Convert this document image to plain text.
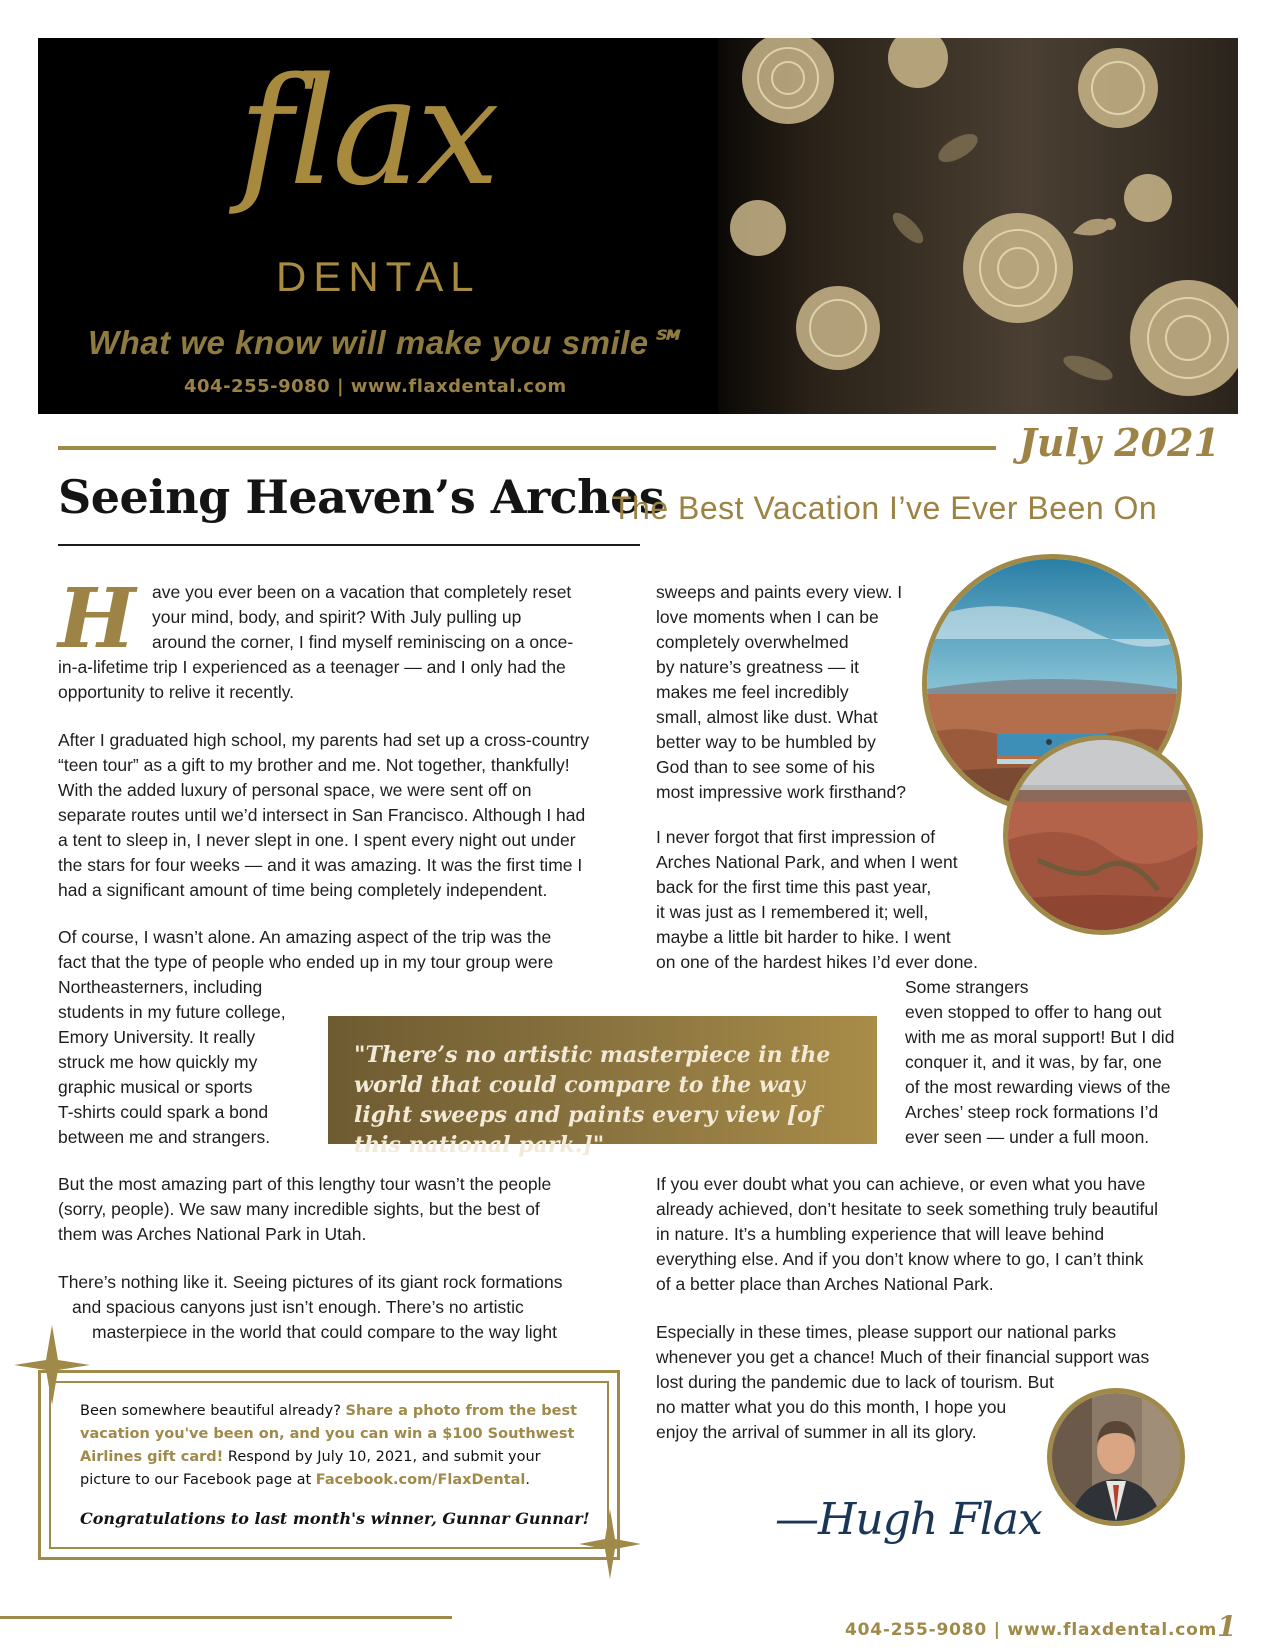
flax
DENTAL
What we know will make you smile℠
404-255-9080 | www.flaxdental.com
July 2021
Seeing Heaven’s Arches
The Best Vacation I’ve Ever Been On
H ave you ever been on a vacation that completely reset
your mind, body, and spirit? With July pulling up
around the corner, I find myself reminiscing on a once-
in-a-lifetime trip I experienced as a teenager — and I only had the
opportunity to relive it recently.
After I graduated high school, my parents had set up a cross-country
“teen tour” as a gift to my brother and me. Not together, thankfully!
With the added luxury of personal space, we were sent off on
separate routes until we’d intersect in San Francisco. Although I had
a tent to sleep in, I never slept in one. I spent every night out under
the stars for four weeks — and it was amazing. It was the first time I
had a significant amount of time being completely independent.
Of course, I wasn’t alone. An amazing aspect of the trip was the
fact that the type of people who ended up in my tour group were
Northeasterners, including
students in my future college,
Emory University. It really
struck me how quickly my
graphic musical or sports
T-shirts could spark a bond
between me and strangers.
But the most amazing part of this lengthy tour wasn’t the people
(sorry, people). We saw many incredible sights, but the best of
them was Arches National Park in Utah.
There’s nothing like it. Seeing pictures of its giant rock formations
and spacious canyons just isn’t enough. There’s no artistic
masterpiece in the world that could compare to the way light
sweeps and paints every view. I
love moments when I can be
completely overwhelmed
by nature’s greatness — it
makes me feel incredibly
small, almost like dust. What
better way to be humbled by
God than to see some of his
most impressive work firsthand?
I never forgot that first impression of
Arches National Park, and when I went
back for the first time this past year,
it was just as I remembered it; well,
maybe a little bit harder to hike. I went
on one of the hardest hikes I’d ever done.
Some strangers
even stopped to offer to hang out
with me as moral support! But I did
conquer it, and it was, by far, one
of the most rewarding views of the
Arches’ steep rock formations I’d
ever seen — under a full moon.
If you ever doubt what you can achieve, or even what you have
already achieved, don’t hesitate to seek something truly beautiful
in nature. It’s a humbling experience that will leave behind
everything else. And if you don’t know where to go, I can’t think
of a better place than Arches National Park.
Especially in these times, please support our national parks
whenever you get a chance! Much of their financial support was
lost during the pandemic due to lack of tourism. But
no matter what you do this month, I hope you
enjoy the arrival of summer in all its glory.
"There’s no artistic masterpiece in the world that could compare to the way light sweeps and paints every view [of this national park.]"
Been somewhere beautiful already? Share a photo from the best vacation you've been on, and you can win a $100 Southwest Airlines gift card! Respond by July 10, 2021, and submit your picture to our Facebook page at Facebook.com/FlaxDental.
Congratulations to last month's winner, Gunnar Gunnar!	—Hugh Flax
404-255-9080 | www.flaxdental.com 1
